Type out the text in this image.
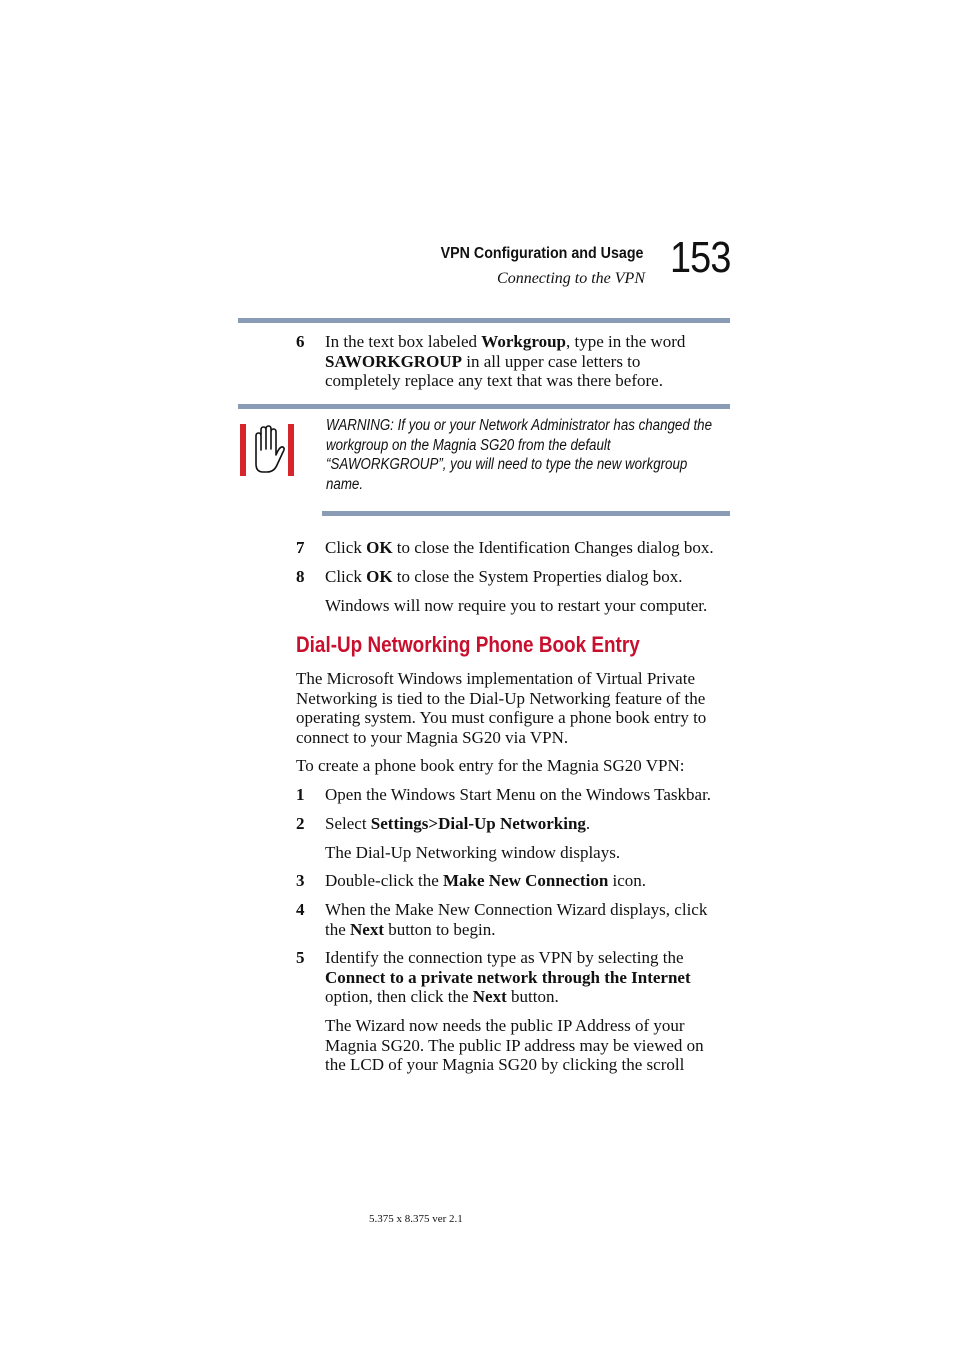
VPN Configuration and Usage
Connecting to the VPN 153
6 In the text box labeled Workgroup, type in the word
SAWORKGROUP in all upper case letters to
completely replace any text that was there before.
WARNING: If you or your Network Administrator has changed the
workgroup on the Magnia SG20 from the default
“SAWORKGROUP”, you will need to type the new workgroup
name.
7 Click OK to close the Identification Changes dialog box.
8 Click OK to close the System Properties dialog box.
Windows will now require you to restart your computer.
Dial-Up Networking Phone Book Entry
The Microsoft Windows implementation of Virtual Private
Networking is tied to the Dial-Up Networking feature of the
operating system. You must configure a phone book entry to
connect to your Magnia SG20 via VPN.
To create a phone book entry for the Magnia SG20 VPN:
1 Open the Windows Start Menu on the Windows Taskbar.
2 Select Settings>Dial-Up Networking.
The Dial-Up Networking window displays.
3 Double-click the Make New Connection icon.
4 When the Make New Connection Wizard displays, click
the Next button to begin.
5 Identify the connection type as VPN by selecting the
Connect to a private network through the Internet
option, then click the Next button.
The Wizard now needs the public IP Address of your
Magnia SG20. The public IP address may be viewed on
the LCD of your Magnia SG20 by clicking the scroll
5.375 x 8.375 ver 2.1
